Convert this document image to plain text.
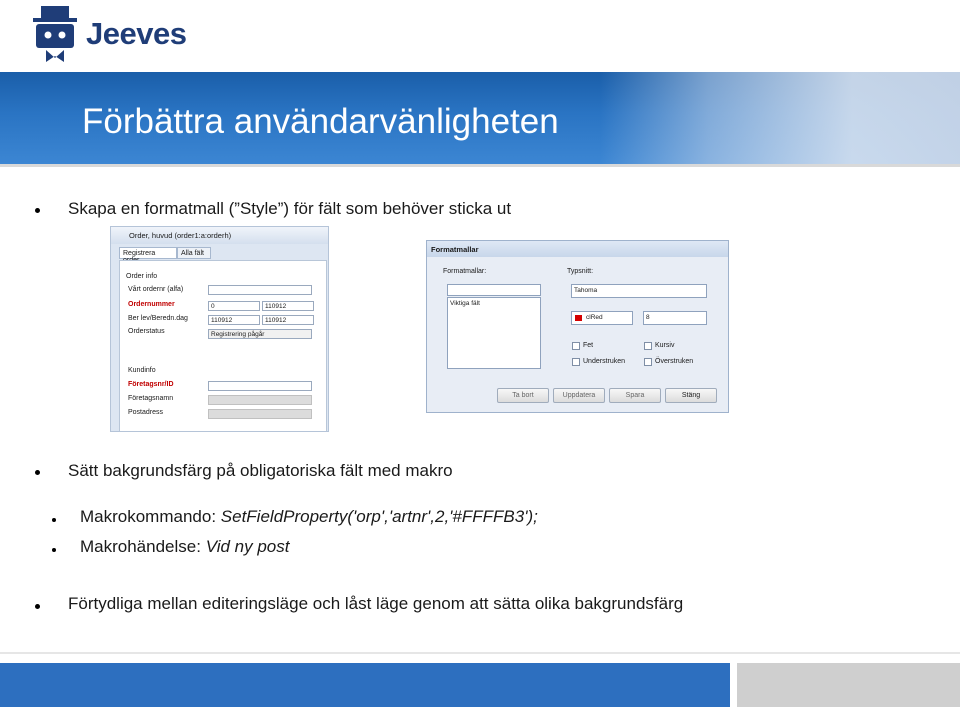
Jeeves
Förbättra användarvänligheten
Skapa en formatmall (”Style”) för fält som behöver sticka ut
Order, huvud (order1:a:orderh)
Registrera	Alla fält
Order info
Vårt ordernr (alfa)
Ordernummer	0	110912
Ber lev/Beredn.dag	110912	110912
Orderstatus	Registrering pågår
Kundinfo
Företagsnr/ID
Företagsnamn
Postadress
Formatmallar
Formatmallar:	Typsnitt:
Viktiga fält
Tahoma
clRed	8
Fet	Kursiv
Understruken	Överstruken
Ta bort	Uppdatera	Spara	Stäng
Sätt bakgrundsfärg på obligatoriska fält med makro
Makrokommando: SetFieldProperty('orp','artnr',2,'#FFFFB3');
Makrohändelse: Vid ny post
Förtydliga mellan editeringsläge och låst läge genom att sätta olika bakgrundsfärg
